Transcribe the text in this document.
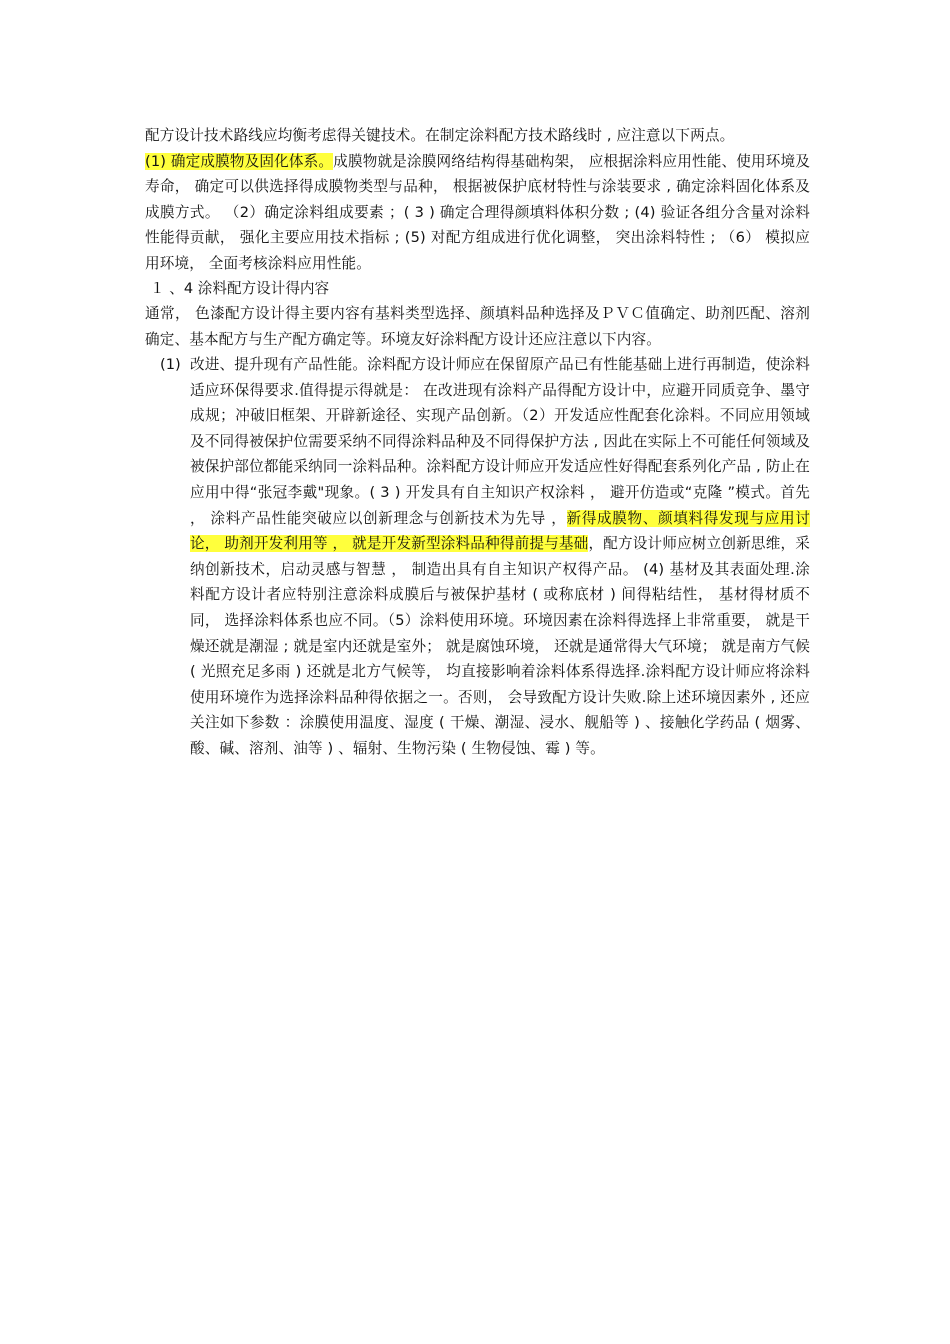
配方设计技术路线应均衡考虑得关键技术。在制定涂料配方技术路线时 , 应注意以下两点。
(1) 确定成膜物及固化体系。成膜物就是涂膜网络结构得基础构架， 应根据涂料应用性能、使用环境及寿命， 确定可以供选择得成膜物类型与品种， 根据被保护底材特性与涂装要求 , 确定涂料固化体系及成膜方式。 （2）确定涂料组成要素 ；( 3 ) 确定合理得颜填料体积分数 ; (4) 验证各组分含量对涂料性能得贡献， 强化主要应用技术指标 ; (5) 对配方组成进行优化调整， 突出涂料特性 ; （6） 模拟应用环境， 全面考核涂料应用性能。
１ 、4 涂料配方设计得内容
通常， 色漆配方设计得主要内容有基料类型选择、颜填料品种选择及ＰＶＣ值确定、助剂匹配、溶剂确定、基本配方与生产配方确定等。环境友好涂料配方设计还应注意以下内容。
(1) 改进、提升现有产品性能。涂料配方设计师应在保留原产品已有性能基础上进行再制造，使涂料适应环保得要求.值得提示得就是： 在改进现有涂料产品得配方设计中，应避开同质竞争、墨守成规；冲破旧框架、开辟新途径、实现产品创新。（2）开发适应性配套化涂料。不同应用领域及不同得被保护位需要采纳不同得涂料品种及不同得保护方法 , 因此在实际上不可能任何领域及被保护部位都能采纳同一涂料品种。涂料配方设计师应开发适应性好得配套系列化产品 , 防止在应用中得“张冠李戴"现象。( 3 ) 开发具有自主知识产权涂料 ， 避开仿造或“克隆 ”模式。首先 ， 涂料产品性能突破应以创新理念与创新技术为先导 ，新得成膜物、颜填料得发现与应用讨论， 助剂开发利用等 ， 就是开发新型涂料品种得前提与基础，配方设计师应树立创新思维，采纳创新技术，启动灵感与智慧 ， 制造出具有自主知识产权得产品。 (4) 基材及其表面处理.涂料配方设计者应特别注意涂料成膜后与被保护基材 ( 或称底材 ) 间得粘结性， 基材得材质不同， 选择涂料体系也应不同。（5）涂料使用环境。环境因素在涂料得选择上非常重要， 就是干燥还就是潮湿 ; 就是室内还就是室外； 就是腐蚀环境， 还就是通常得大气环境； 就是南方气候 ( 光照充足多雨 ) 还就是北方气候等， 均直接影响着涂料体系得选择.涂料配方设计师应将涂料使用环境作为选择涂料品种得依据之一。否则， 会导致配方设计失败.除上述环境因素外 , 还应关注如下参数 ：涂膜使用温度、湿度 ( 干燥、潮湿、浸水、舰船等 ) 、接触化学药品 ( 烟雾、酸、碱、溶剂、油等 ) 、辐射、生物污染 ( 生物侵蚀、霉 ) 等。
